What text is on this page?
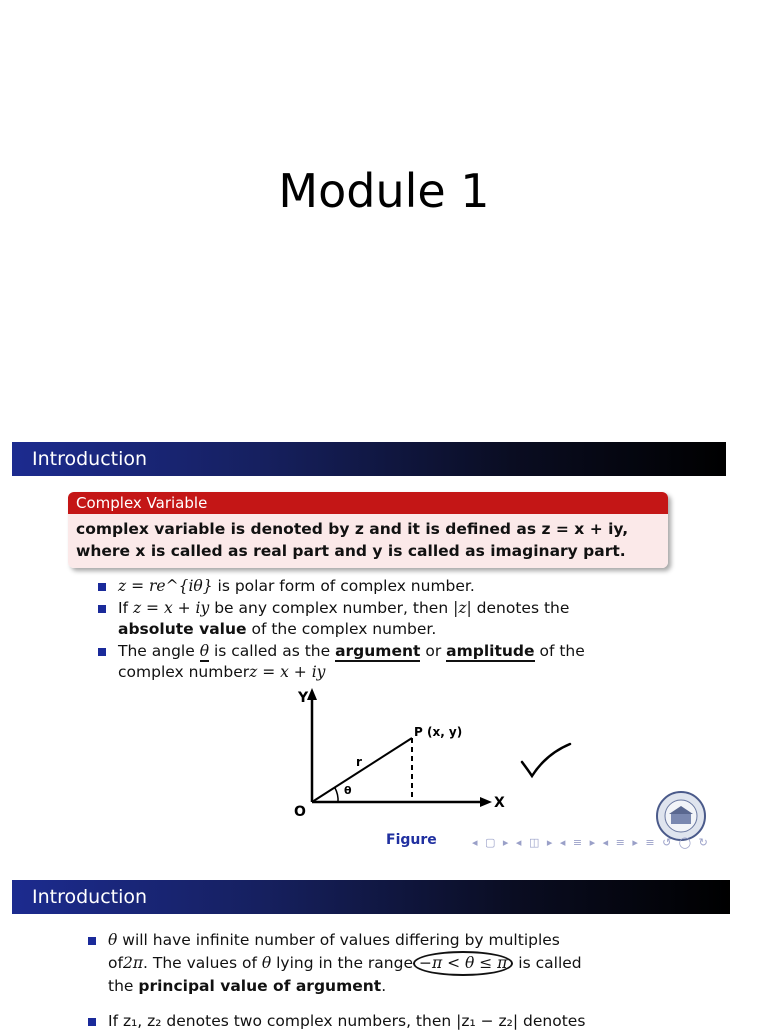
Module 1
Introduction
Complex Variable
complex variable is denoted by z and it is defined as z = x + iy,
where x is called as real part and y is called as imaginary part.
z = re^{iθ} is polar form of complex number.
If z = x + iy be any complex number, then |z| denotes the
absolute value of the complex number.
The angle θ is called as the argument or amplitude of the
complex numberz = x + iy
Y
X
O
P (x, y)
r
θ
Figure	◂ ▢ ▸ ◂ ◫ ▸ ◂ ≡ ▸ ◂ ≡ ▸ ≡ ↺ ◯ ↻
Introduction
θ will have infinite number of values differing by multiples
of2π. The values of θ lying in the range −π < θ ≤ π is called
the principal value of argument.
If z₁, z₂ denotes two complex numbers, then |z₁ − z₂| denotes
